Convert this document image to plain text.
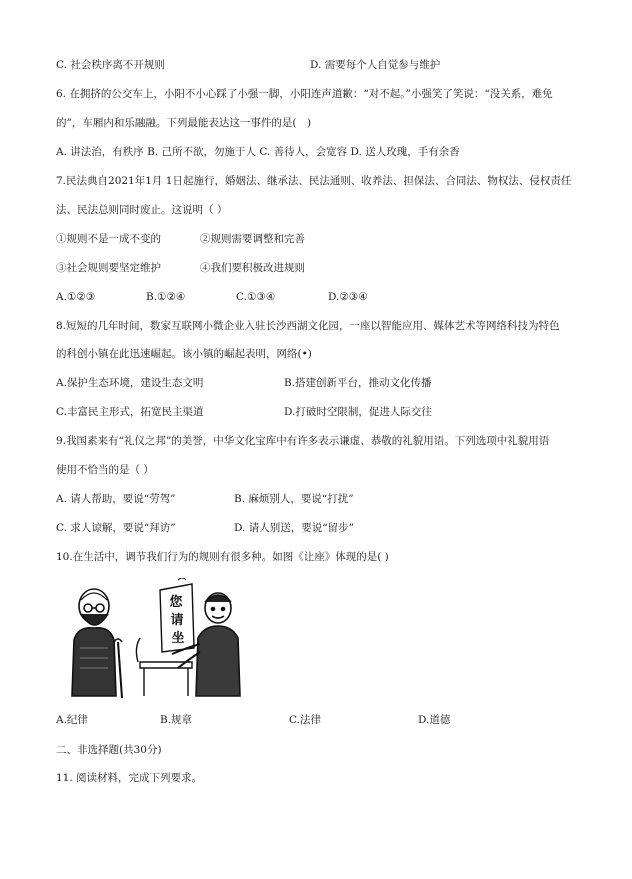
C. 社会秩序离不开规则	D. 需要每个人自觉参与维护
6. 在拥挤的公交车上，小阳不小心踩了小强一脚，小阳连声道歉：“对不起。”小强笑了笑说：“没关系，难免
的”，车厢内和乐融融。下列最能表达这一事件的是(　)
A. 讲法治，有秩序 B. 己所不欲，勿施于人 C. 善待人，会宽容 D. 送人玫瑰，手有余香
7.民法典自2021年1月 1日起施行，婚姻法、继承法、民法通则、收养法、担保法、合同法、物权法、侵权责任
法、民法总则同时废止。这说明（ ）
①规则不是一成不变的	②规则需要调整和完善
③社会规则要坚定维护	④我们要积极改进规则
A.①②③	B.①②④	C.①③④	D.②③④
8.短短的几年时间，数家互联网小微企业入驻长沙西湖文化园，一座以智能应用、媒体艺术等网络科技为特色
的科创小镇在此迅速崛起。该小镇的崛起表明，网络(•)
A.保护生态环境，建设生态文明	B.搭建创新平台，推动文化传播
C.丰富民主形式，拓宽民主渠道	D.打破时空限制，促进人际交往
9.我国素来有“礼仪之邦”的美誉，中华文化宝库中有许多表示谦虚、恭敬的礼貌用语。下列选项中礼貌用语
使用不恰当的是（ ）
A. 请人帮助，要说“劳驾”	B. 麻烦别人，要说“打扰”
C. 求人谅解，要说“拜访”	D. 请人别送，要说“留步”
10.在生活中，调节我们行为的规则有很多种。如图《让座》体现的是( )
您
请
坐
A.纪律	B.规章	C.法律	D.道德
二、非选择题(共30分)
11. 阅读材料，完成下列要求。
